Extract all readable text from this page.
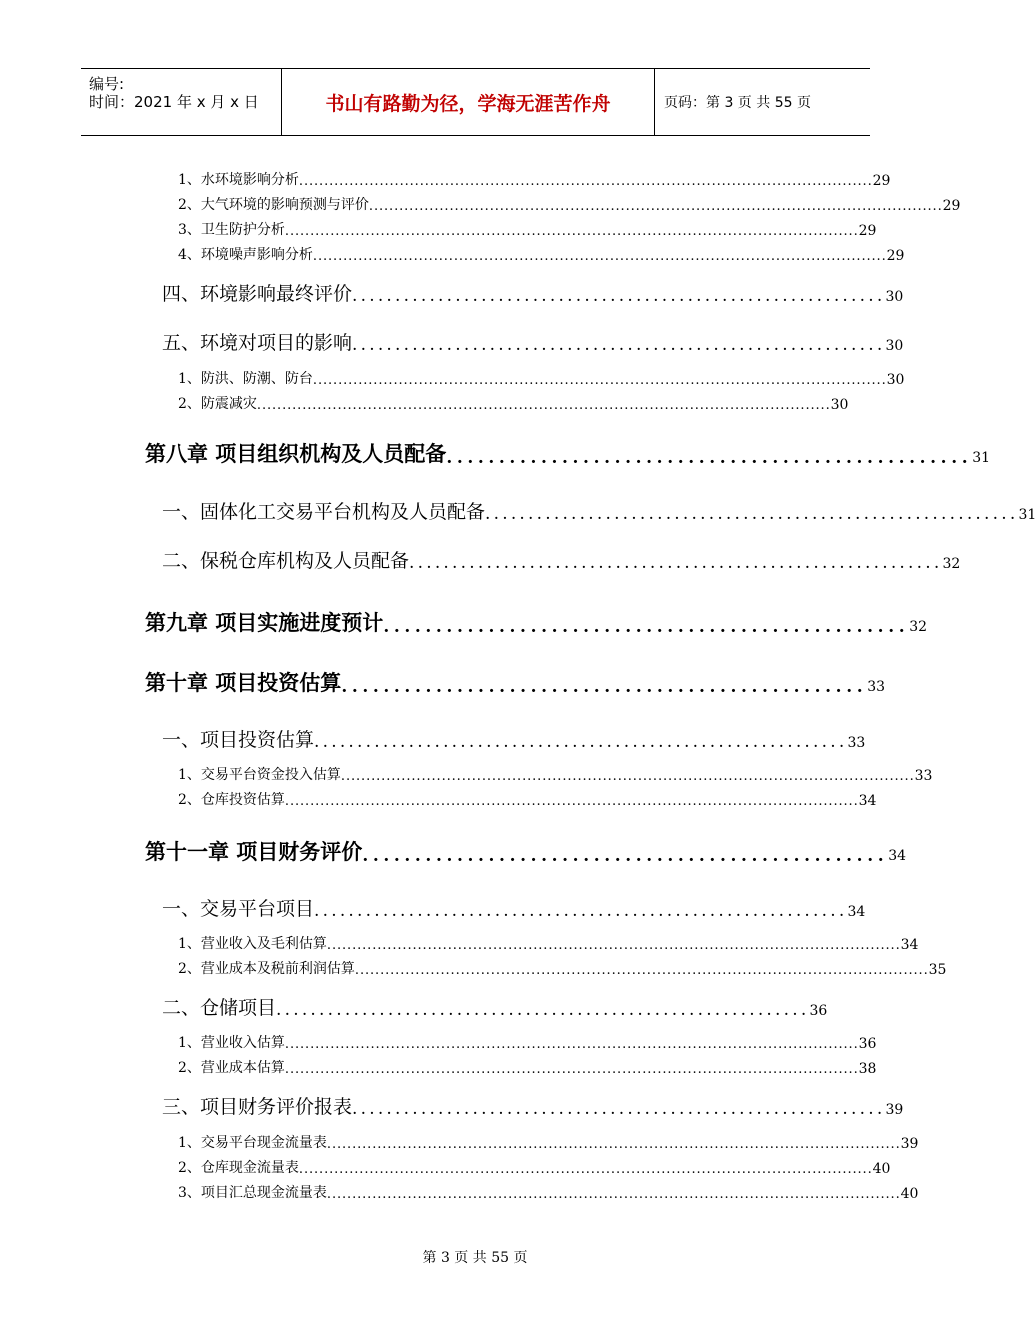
编号:
时间：2021 年 x 月 x 日	书山有路勤为径，学海无涯苦作舟	页码：第 3 页 共 55 页
1、水环境影响分析 .................................................................................................................. 29
2、大气环境的影响预测与评价 .................................................................................................................. 29
3、卫生防护分析 .................................................................................................................. 29
4、环境噪声影响分析 .................................................................................................................. 29
四、环境影响最终评价 .............................................................. 30
五、环境对项目的影响 .............................................................. 30
1、防洪、防潮、防台 .................................................................................................................. 30
2、防震减灾 .................................................................................................................. 30
第八章 项目组织机构及人员配备 .................................................. 31
一、固体化工交易平台机构及人员配备 .............................................................. 31
二、保税仓库机构及人员配备 .............................................................. 32
第九章 项目实施进度预计 .................................................. 32
第十章 项目投资估算 .................................................. 33
一、项目投资估算 .............................................................. 33
1、交易平台资金投入估算 .................................................................................................................. 33
2、仓库投资估算 .................................................................................................................. 34
第十一章 项目财务评价 .................................................. 34
一、交易平台项目 .............................................................. 34
1、营业收入及毛利估算 .................................................................................................................. 34
2、营业成本及税前利润估算 .................................................................................................................. 35
二、仓储项目 .............................................................. 36
1、营业收入估算 .................................................................................................................. 36
2、营业成本估算 .................................................................................................................. 38
三、项目财务评价报表 .............................................................. 39
1、交易平台现金流量表 .................................................................................................................. 39
2、仓库现金流量表 .................................................................................................................. 40
3、项目汇总现金流量表 .................................................................................................................. 40
第 3 页 共 55 页
